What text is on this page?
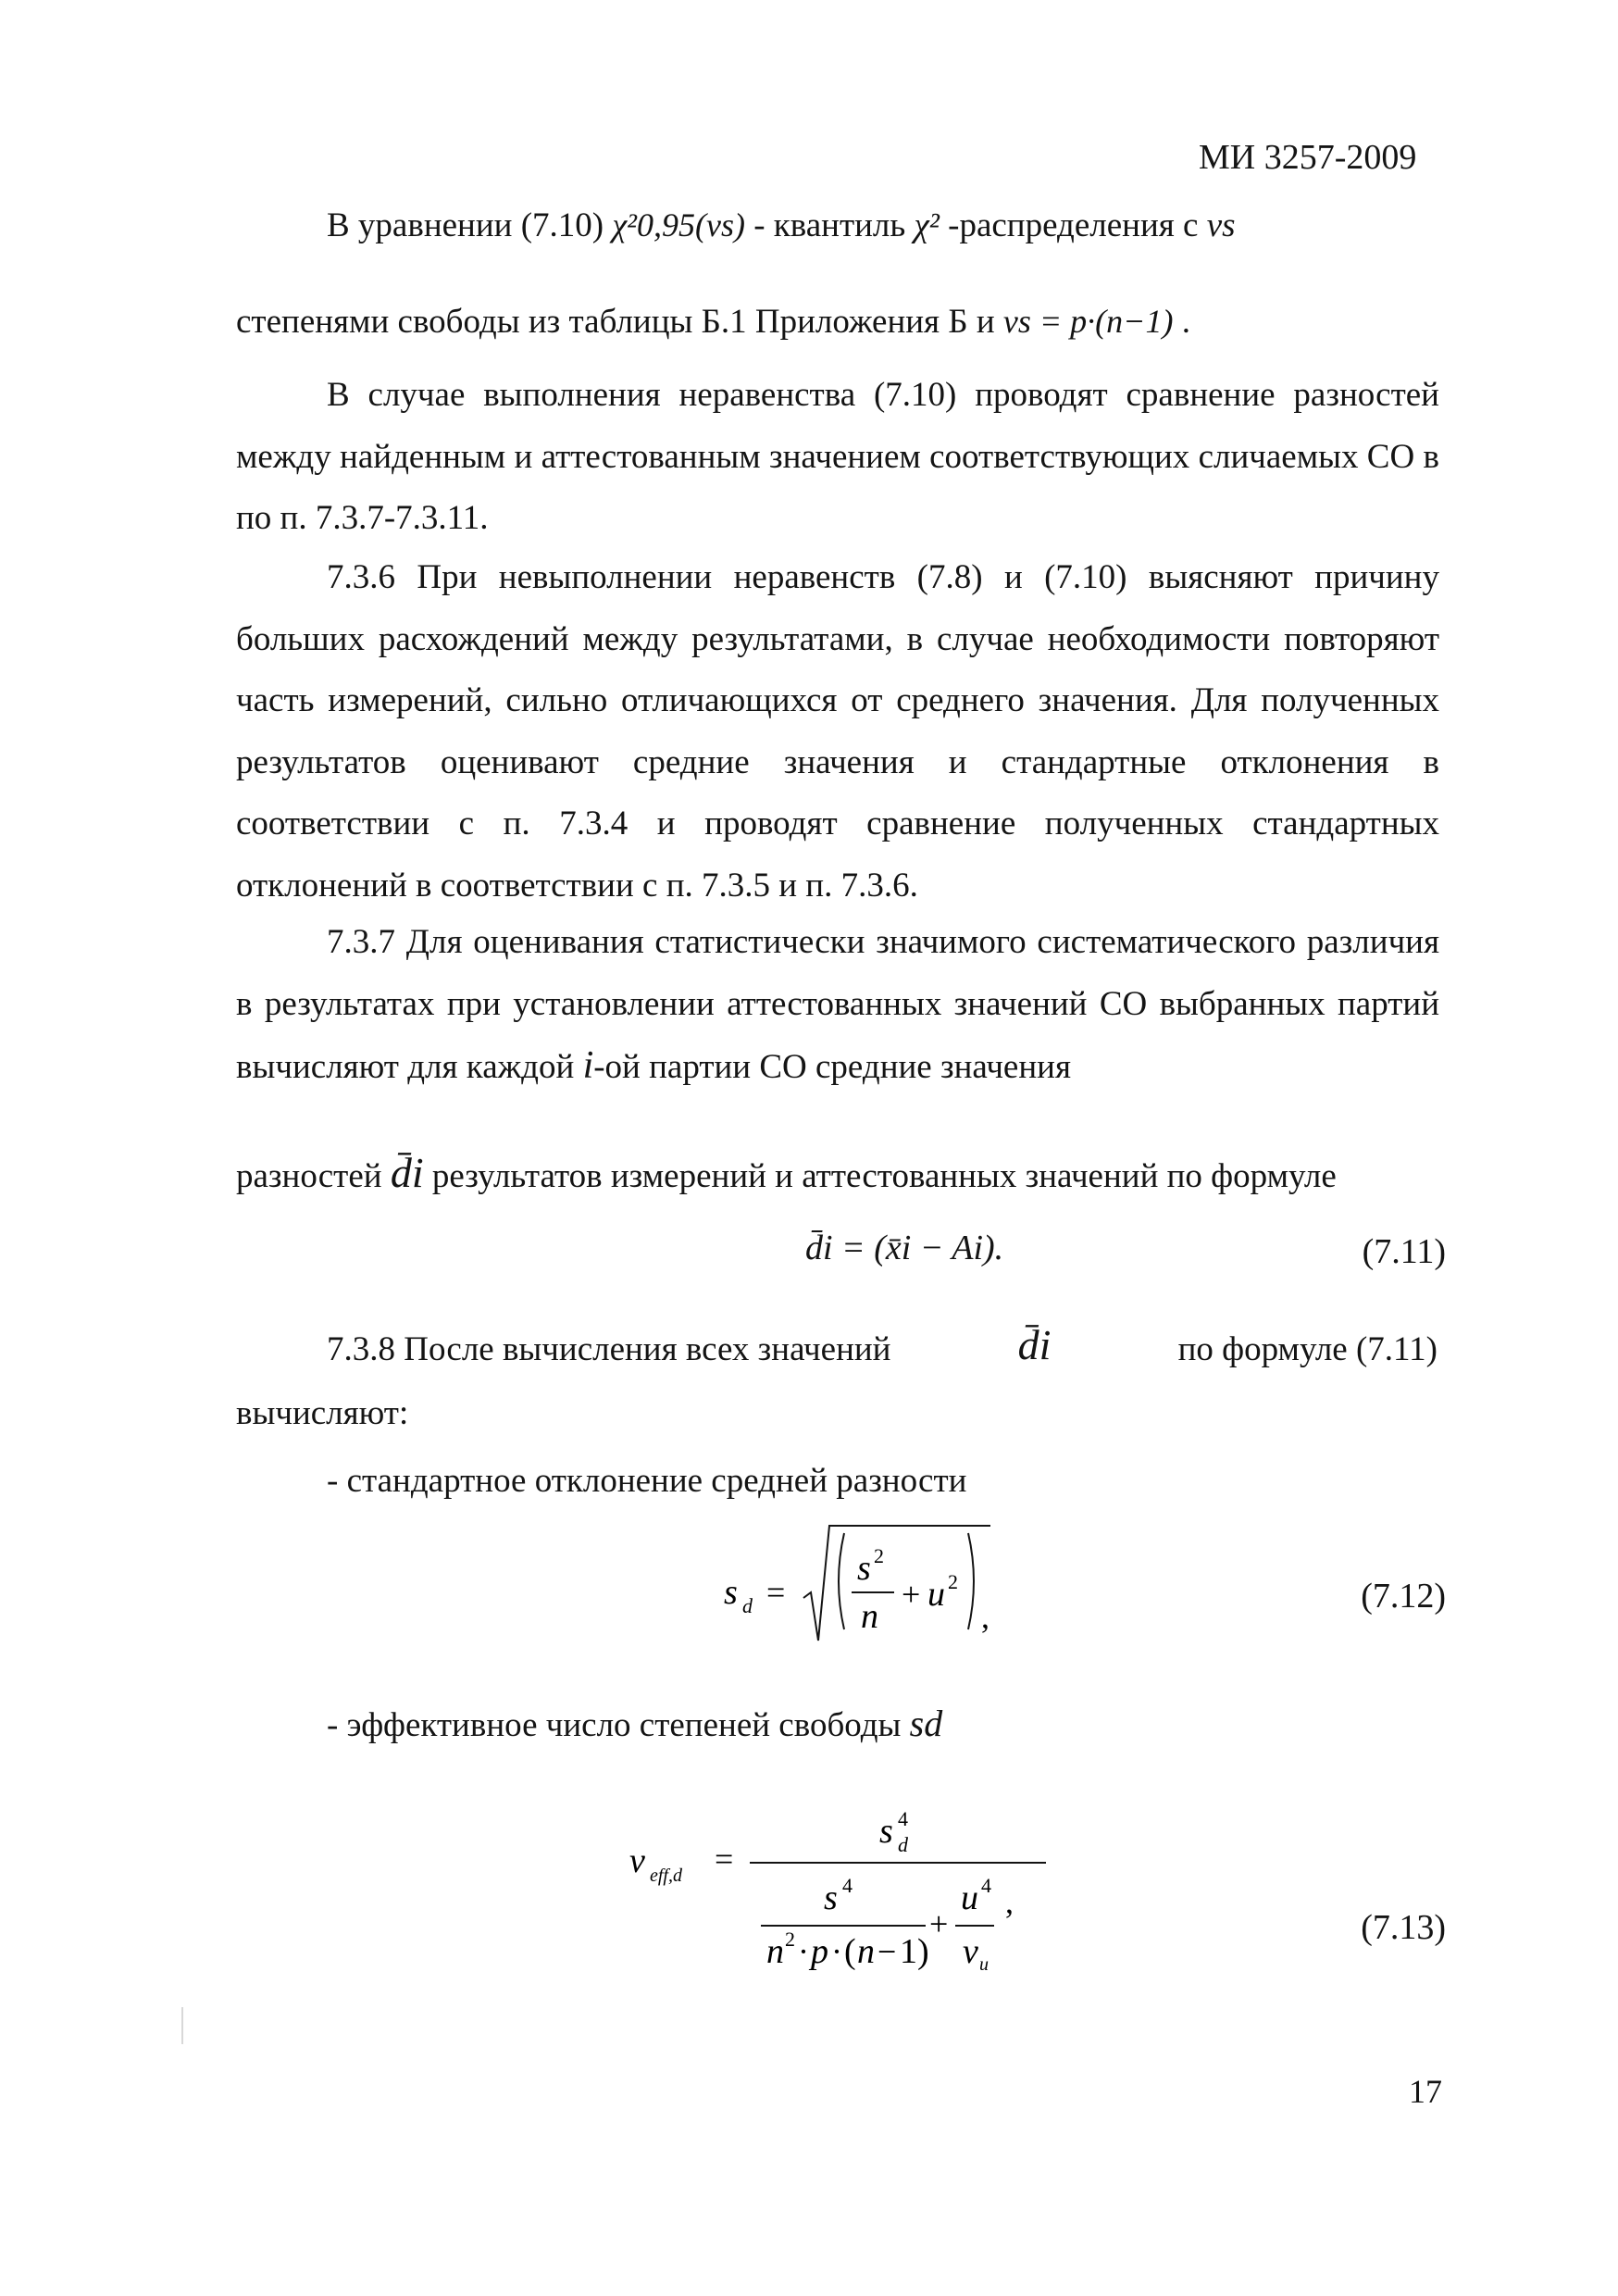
МИ 3257-2009
В уравнении (7.10) χ²0,95(νs) - квантиль χ² -распределения с νs
степенями свободы из таблицы Б.1 Приложения Б и νs = p·(n−1) .
В случае выполнения неравенства (7.10) проводят сравнение разностей между найденным и аттестованным значением соответствующих сличаемых СО в по п. 7.3.7-7.3.11.
7.3.6 При невыполнении неравенств (7.8) и (7.10) выясняют причину больших расхождений между результатами, в случае необходимости повторяют часть измерений, сильно отличающихся от среднего значения. Для полученных результатов оценивают средние значения и стандартные отклонения в соответствии с п. 7.3.4 и проводят сравнение полученных стандартных отклонений в соответствии с п. 7.3.5 и п. 7.3.6.
7.3.7 Для оценивания статистически значимого систематического различия в результатах при установлении аттестованных значений СО выбранных партий вычисляют для каждой i-ой партии СО средние значения
разностей d̄i результатов измерений и аттестованных значений по формуле
d̄i = (x̄i − Ai).	(7.11)
7.3.8 После вычисления всех значений	d̄i	по формуле (7.11)
вычисляют:
- стандартное отклонение средней разности
s d =
s 2
n
+ u 2
,
(7.12)
- эффективное число степеней свободы sd
ν eff,d =
s 4
d
s 4
n 2 · p · ( n − 1)
+
u 4
ν u
,
(7.13)
17
